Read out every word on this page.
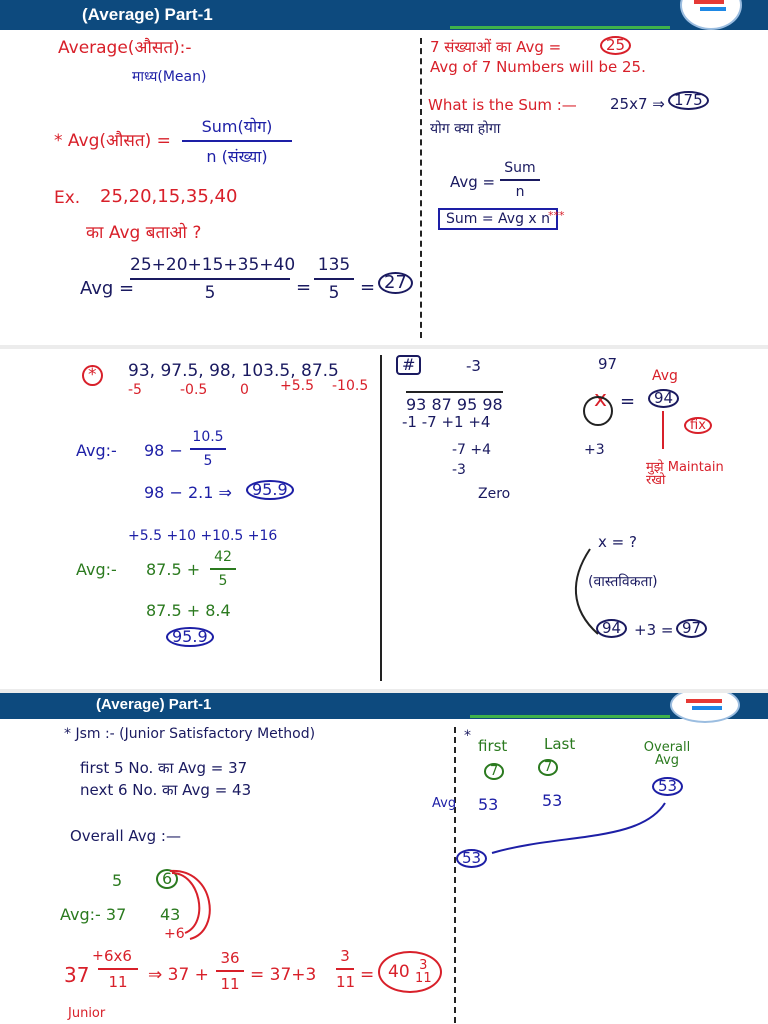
(Average) Part-1
Average(औसत):-
माध्य(Mean)
* Avg(औसत) =
Sum(योग)
n (संख्या)
Ex. 25,20,15,35,40
का Avg बताओ ?
Avg =
25+20+15+35+40
5	=
135
5	= 27
7 संख्याओं का Avg =	25
Avg of 7 Numbers will be 25.
What is the Sum :— 25x7 ⇒ 175
योग क्या होगा
Avg =
Sum
n
Sum = Avg x n
***
*	93, 97.5, 98, 103.5, 87.5
-5	-0.5 0 +5.5 -10.5
Avg:- 98 −
10.5
5
98 − 2.1 ⇒	95.9
+5.5 +10 +10.5 +16
Avg:- 87.5 +
42
5
87.5 + 8.4
95.9
#	-3	97
93 87 95 98
-1 -7 +1 +4
x =
Avg
94
fix
-7 +4
-3
+3
Zero
मुझे Maintain रखो
x = ?
(वास्तविकता)
94 +3 = 97
(Average) Part-1
* Jsm :- (Junior Satisfactory Method)
first 5 No. का Avg = 37
next 6 No. का Avg = 43
Overall Avg :—
5	6
Avg:- 37 43
+6
37
+ 6x6
11	⇒ 37 +
36
11 = 37+3
3
11 = 40 3
11
Junior
*
first Last	Overall Avg
7	7
Avg 53	53
53
53
